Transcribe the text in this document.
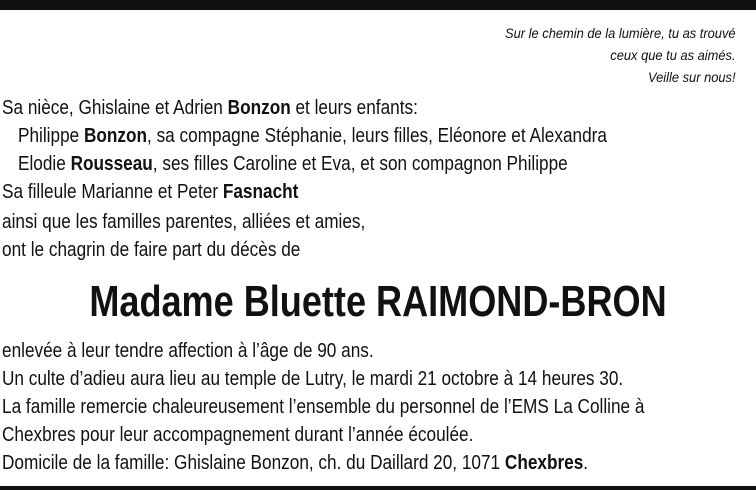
Sur le chemin de la lumière, tu as trouvé
ceux que tu as aimés.
Veille sur nous!
Sa nièce, Ghislaine et Adrien Bonzon et leurs enfants:
Philippe Bonzon, sa compagne Stéphanie, leurs filles, Eléonore et Alexandra
Elodie Rousseau, ses filles Caroline et Eva, et son compagnon Philippe
Sa filleule Marianne et Peter Fasnacht
ainsi que les familles parentes, alliées et amies,
ont le chagrin de faire part du décès de
Madame Bluette RAIMOND-BRON
enlevée à leur tendre affection à l’âge de 90 ans.
Un culte d’adieu aura lieu au temple de Lutry, le mardi 21 octobre à 14 heures 30.
La famille remercie chaleureusement l’ensemble du personnel de l’EMS La Colline à
Chexbres pour leur accompagnement durant l’année écoulée.
Domicile de la famille: Ghislaine Bonzon, ch. du Daillard 20, 1071 Chexbres.
